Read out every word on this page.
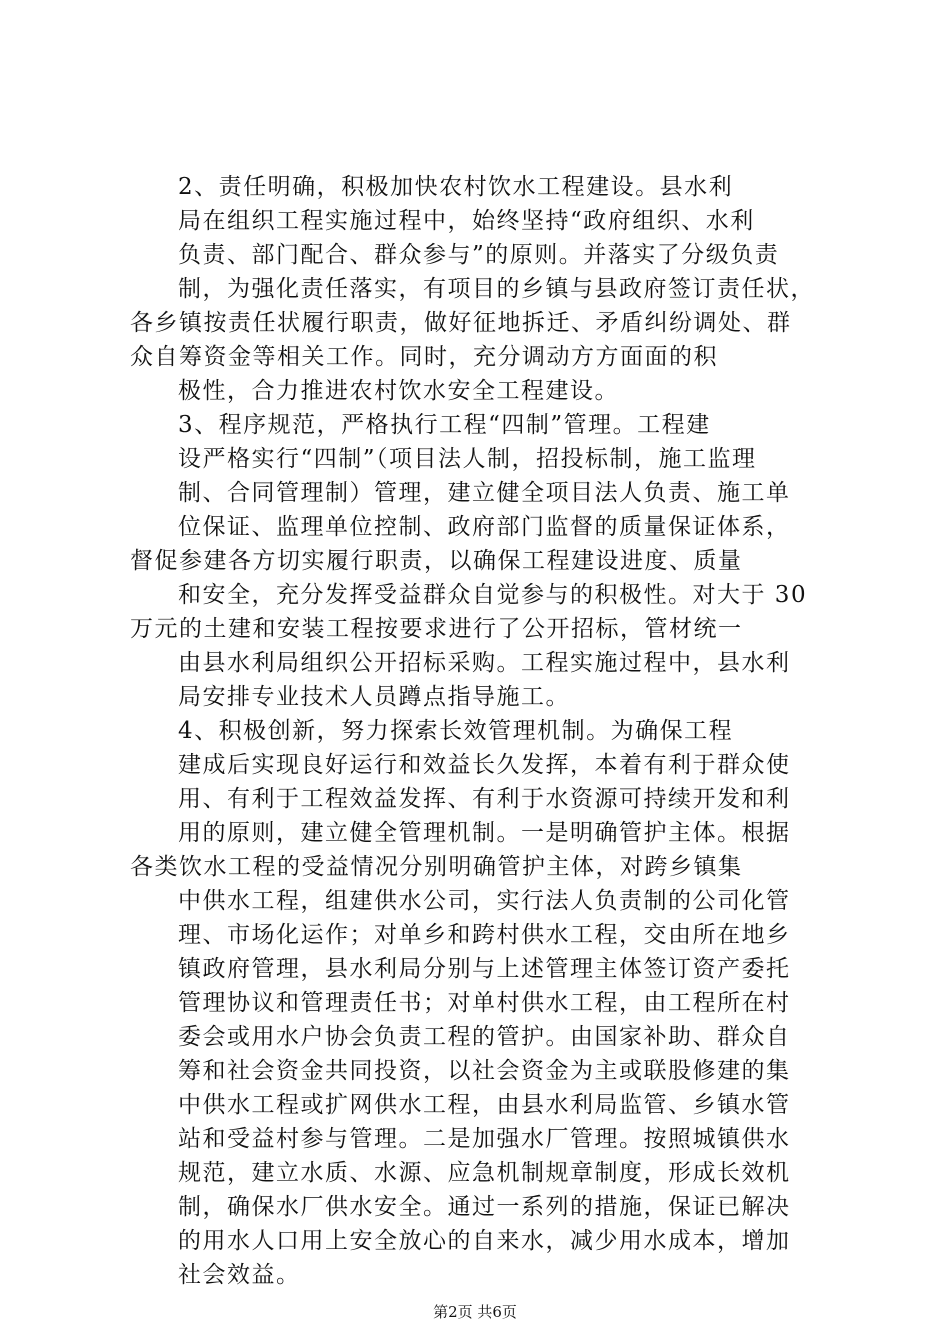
2、责任明确，积极加快农村饮水工程建设。县水利
局在组织工程实施过程中，始终坚持“政府组织、水利
负责、部门配合、群众参与”的原则。并落实了分级负责
制，为强化责任落实，有项目的乡镇与县政府签订责任状，
各乡镇按责任状履行职责，做好征地拆迁、矛盾纠纷调处、群
众自筹资金等相关工作。同时，充分调动方方面面的积
极性，合力推进农村饮水安全工程建设。
3、程序规范，严格执行工程“四制”管理。工程建
设严格实行“四制”（项目法人制，招投标制，施工监理
制、合同管理制）管理，建立健全项目法人负责、施工单
位保证、监理单位控制、政府部门监督的质量保证体系，
督促参建各方切实履行职责，以确保工程建设进度、质量
和安全，充分发挥受益群众自觉参与的积极性。对大于 30
万元的土建和安装工程按要求进行了公开招标，管材统一
由县水利局组织公开招标采购。工程实施过程中，县水利
局安排专业技术人员蹲点指导施工。
4、积极创新，努力探索长效管理机制。为确保工程
建成后实现良好运行和效益长久发挥，本着有利于群众使
用、有利于工程效益发挥、有利于水资源可持续开发和利
用的原则，建立健全管理机制。一是明确管护主体。根据
各类饮水工程的受益情况分别明确管护主体，对跨乡镇集
中供水工程，组建供水公司，实行法人负责制的公司化管
理、市场化运作；对单乡和跨村供水工程，交由所在地乡
镇政府管理，县水利局分别与上述管理主体签订资产委托
管理协议和管理责任书；对单村供水工程，由工程所在村
委会或用水户协会负责工程的管护。由国家补助、群众自
筹和社会资金共同投资，以社会资金为主或联股修建的集
中供水工程或扩网供水工程，由县水利局监管、乡镇水管
站和受益村参与管理。二是加强水厂管理。按照城镇供水
规范，建立水质、水源、应急机制规章制度，形成长效机
制，确保水厂供水安全。通过一系列的措施，保证已解决
的用水人口用上安全放心的自来水，减少用水成本，增加
社会效益。
第2页 共6页
